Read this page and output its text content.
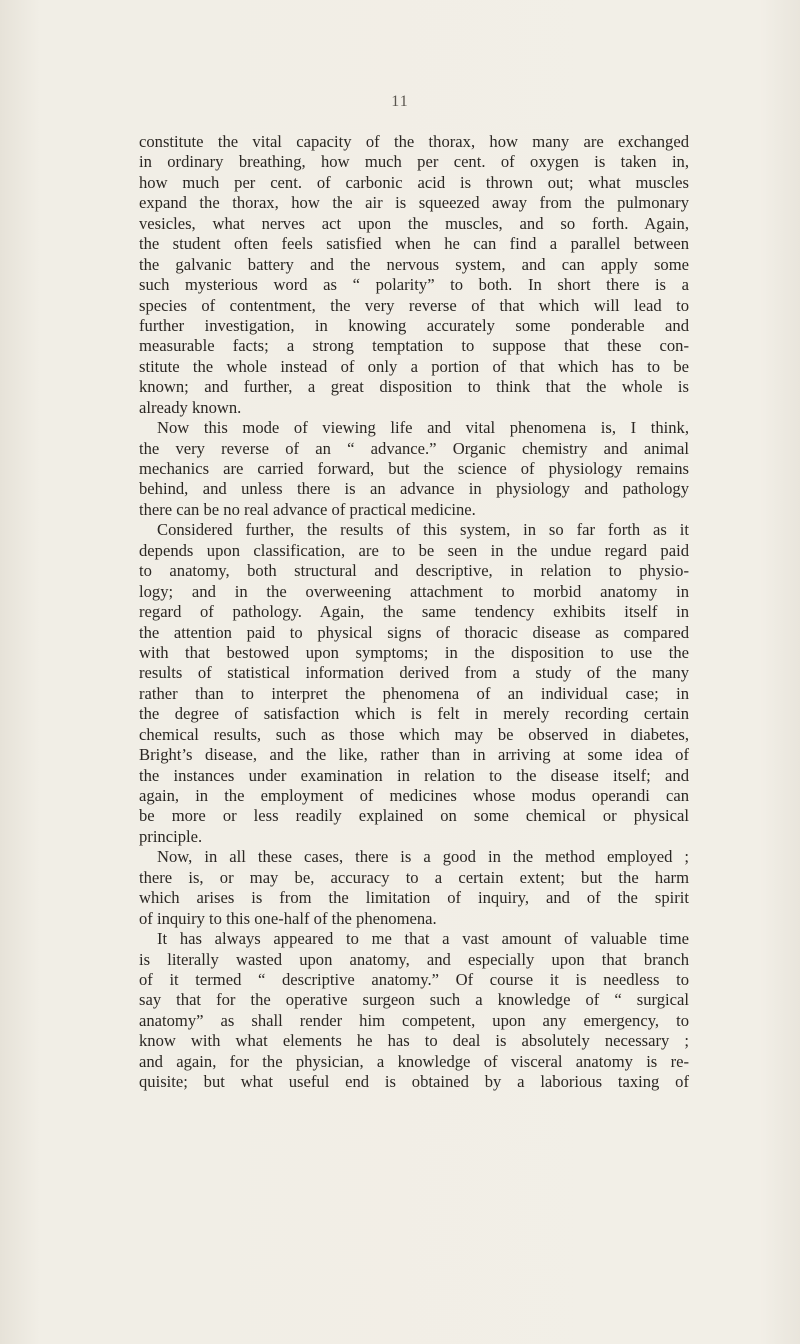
11
constitute the vital capacity of the thorax, how many are exchanged
in ordinary breathing, how much per cent. of oxygen is taken in,
how much per cent. of carbonic acid is thrown out; what muscles
expand the thorax, how the air is squeezed away from the pulmonary
vesicles, what nerves act upon the muscles, and so forth. Again,
the student often feels satisfied when he can find a parallel between
the galvanic battery and the nervous system, and can apply some
such mysterious word as “ polarity” to both. In short there is a
species of contentment, the very reverse of that which will lead to
further investigation, in knowing accurately some ponderable and
measurable facts; a strong temptation to suppose that these con-
stitute the whole instead of only a portion of that which has to be
known; and further, a great disposition to think that the whole is
already known.
Now this mode of viewing life and vital phenomena is, I think,
the very reverse of an “ advance.” Organic chemistry and animal
mechanics are carried forward, but the science of physiology remains
behind, and unless there is an advance in physiology and pathology
there can be no real advance of practical medicine.
Considered further, the results of this system, in so far forth as it
depends upon classification, are to be seen in the undue regard paid
to anatomy, both structural and descriptive, in relation to physio-
logy; and in the overweening attachment to morbid anatomy in
regard of pathology. Again, the same tendency exhibits itself in
the attention paid to physical signs of thoracic disease as compared
with that bestowed upon symptoms; in the disposition to use the
results of statistical information derived from a study of the many
rather than to interpret the phenomena of an individual case; in
the degree of satisfaction which is felt in merely recording certain
chemical results, such as those which may be observed in diabetes,
Bright’s disease, and the like, rather than in arriving at some idea of
the instances under examination in relation to the disease itself; and
again, in the employment of medicines whose modus operandi can
be more or less readily explained on some chemical or physical
principle.
Now, in all these cases, there is a good in the method employed ;
there is, or may be, accuracy to a certain extent; but the harm
which arises is from the limitation of inquiry, and of the spirit
of inquiry to this one-half of the phenomena.
It has always appeared to me that a vast amount of valuable time
is literally wasted upon anatomy, and especially upon that branch
of it termed “ descriptive anatomy.” Of course it is needless to
say that for the operative surgeon such a knowledge of “ surgical
anatomy” as shall render him competent, upon any emergency, to
know with what elements he has to deal is absolutely necessary ;
and again, for the physician, a knowledge of visceral anatomy is re-
quisite; but what useful end is obtained by a laborious taxing of
